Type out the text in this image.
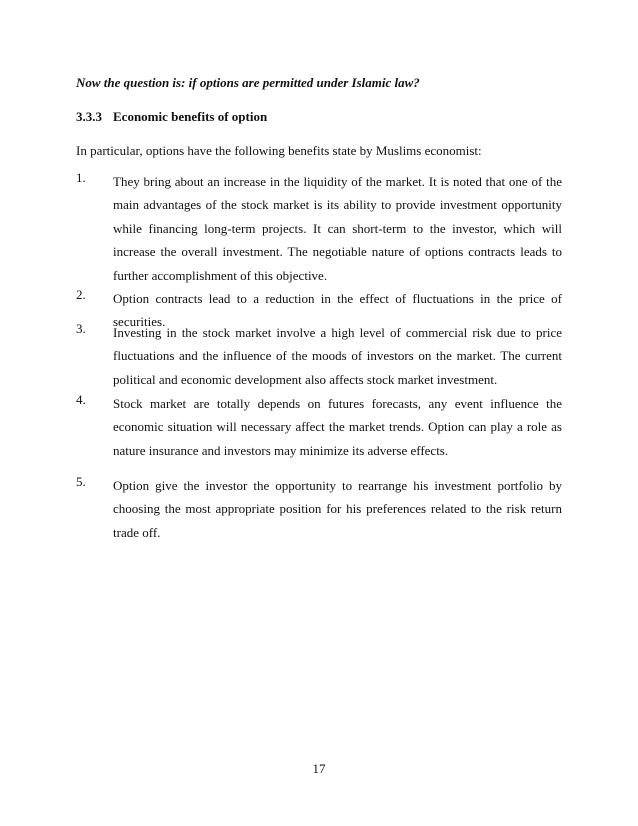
Now the question is: if options are permitted under Islamic law?
3.3.3 Economic benefits of option
In particular, options have the following benefits state by Muslims economist:
1. They bring about an increase in the liquidity of the market. It is noted that one of the main advantages of the stock market is its ability to provide investment opportunity while financing long-term projects. It can short-term to the investor, which will increase the overall investment. The negotiable nature of options contracts leads to further accomplishment of this objective.
2. Option contracts lead to a reduction in the effect of fluctuations in the price of securities.
3. Investing in the stock market involve a high level of commercial risk due to price fluctuations and the influence of the moods of investors on the market. The current political and economic development also affects stock market investment.
4. Stock market are totally depends on futures forecasts, any event influence the economic situation will necessary affect the market trends. Option can play a role as nature insurance and investors may minimize its adverse effects.
5. Option give the investor the opportunity to rearrange his investment portfolio by choosing the most appropriate position for his preferences related to the risk return trade off.
17
